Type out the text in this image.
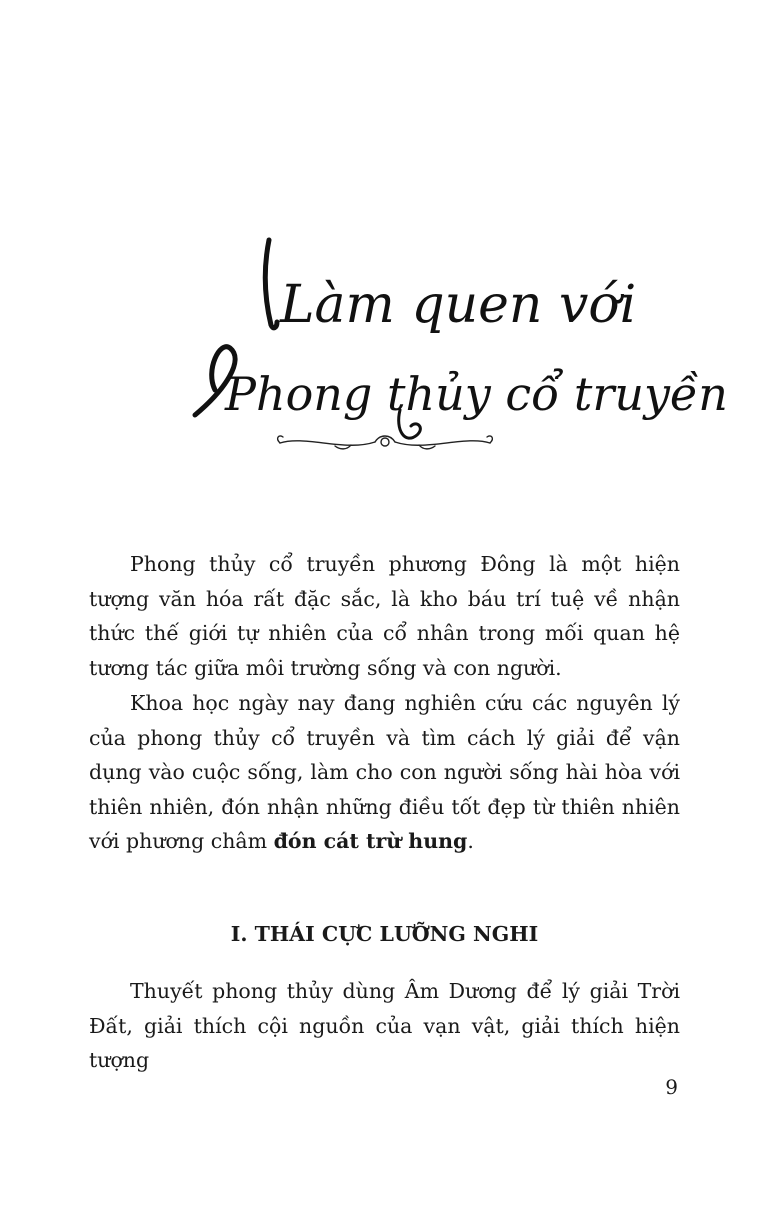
Làm quen với
Phong thủy cổ truyền

Phong thủy cổ truyền phương Đông là một hiện tượng văn hóa rất đặc sắc, là kho báu trí tuệ về nhận thức thế giới tự nhiên của cổ nhân trong mối quan hệ tương tác giữa môi trường sống và con người.

Khoa học ngày nay đang nghiên cứu các nguyên lý của phong thủy cổ truyền và tìm cách lý giải để vận dụng vào cuộc sống, làm cho con người sống hài hòa với thiên nhiên, đón nhận những điều tốt đẹp từ thiên nhiên với phương châm đón cát trừ hung.

I. THÁI CỰC LƯỠNG NGHI

Thuyết phong thủy dùng Âm Dương để lý giải Trời Đất, giải thích cội nguồn của vạn vật, giải thích hiện tượng

9
